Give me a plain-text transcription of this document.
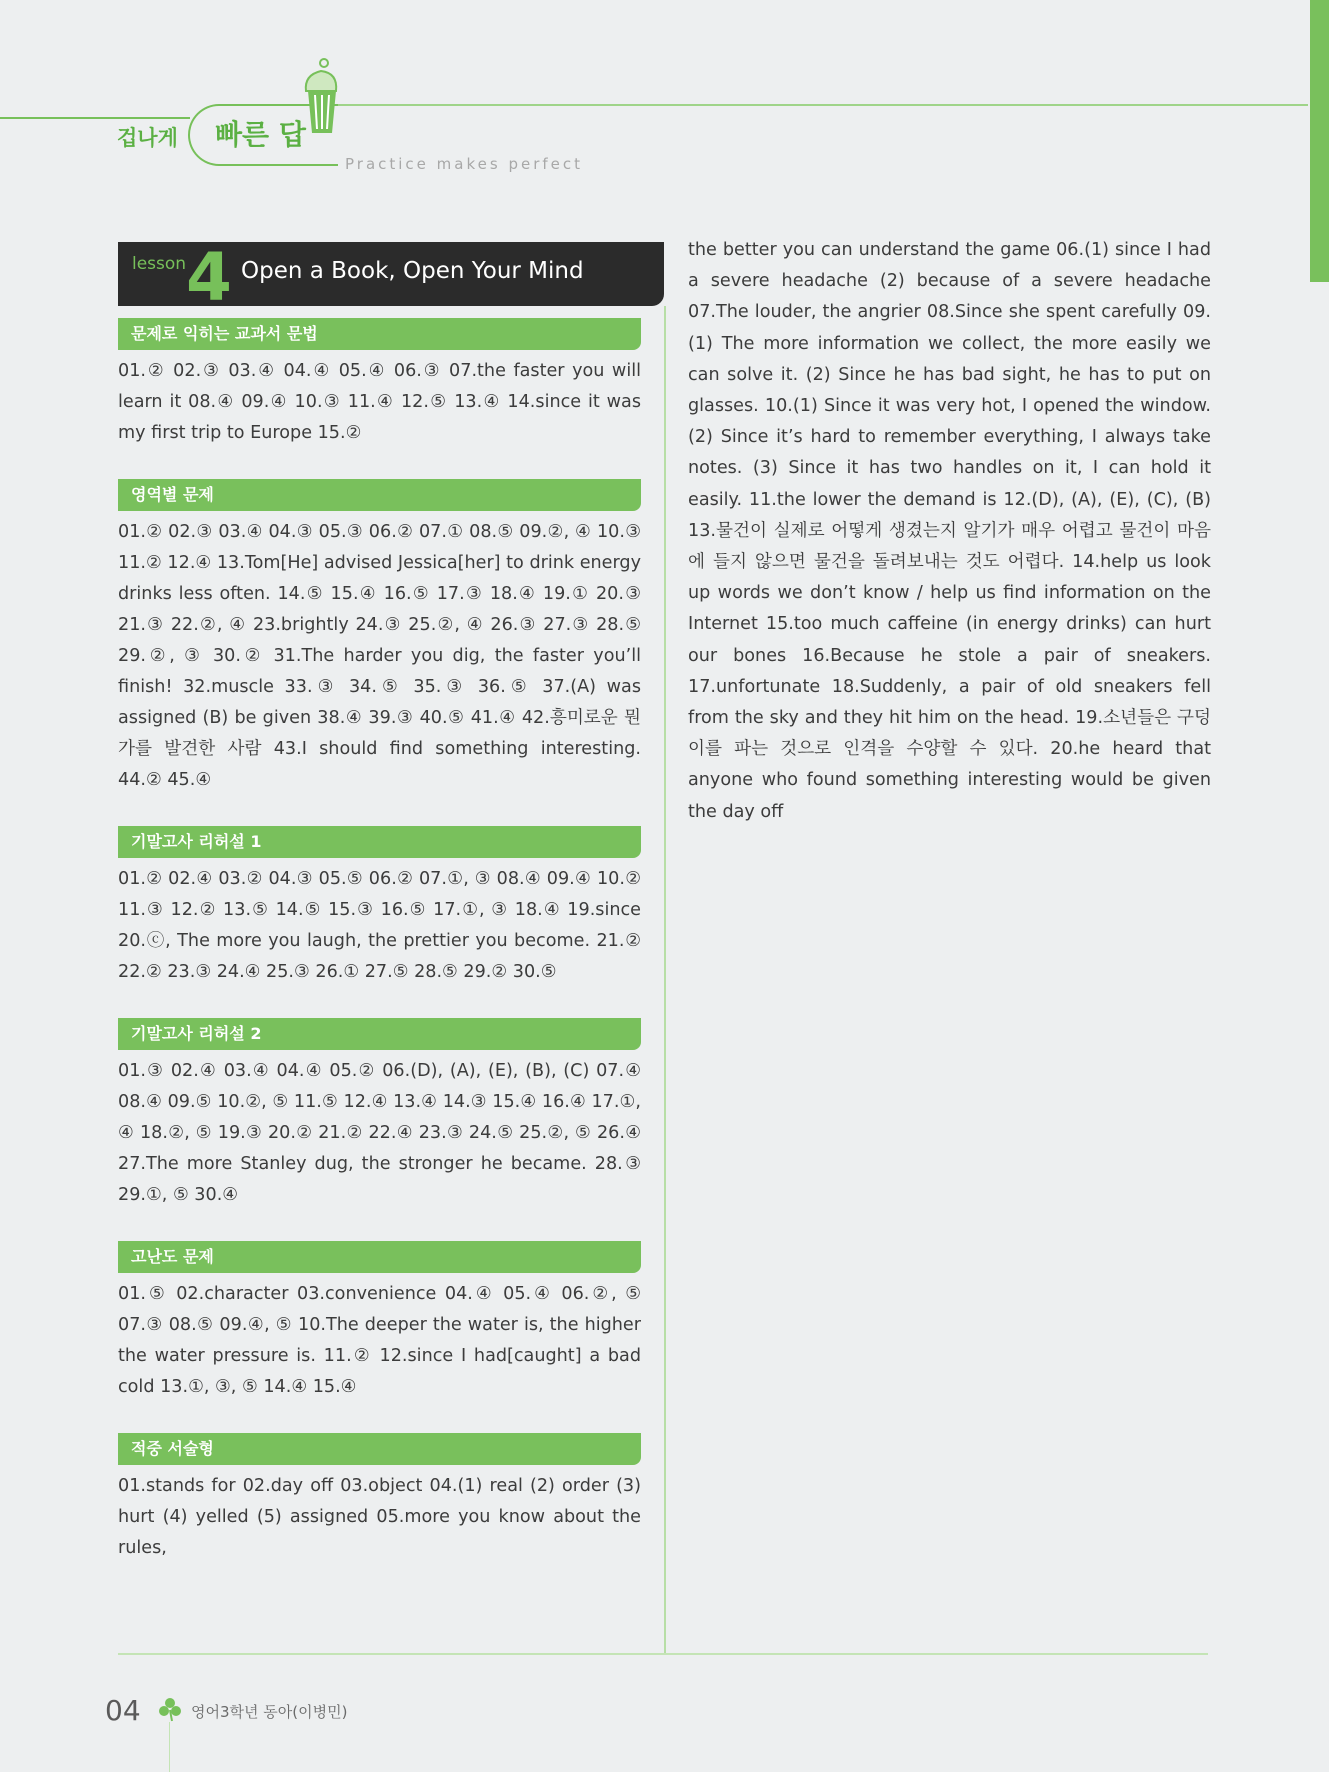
겁나게 빠른 답
Practice makes perfect
lesson 4 Open a Book, Open Your Mind
문제로 익히는 교과서 문법

01.② 02.③ 03.④ 04.④ 05.④ 06.③ 07.the faster you will learn it 08.④ 09.④ 10.③ 11.④ 12.⑤ 13.④ 14.since it was my first trip to Europe 15.②

영역별 문제

01.② 02.③ 03.④ 04.③ 05.③ 06.② 07.① 08.⑤ 09.②, ④ 10.③ 11.② 12.④ 13.Tom[He] advised Jessica[her] to drink energy drinks less often. 14.⑤ 15.④ 16.⑤ 17.③ 18.④ 19.① 20.③ 21.③ 22.②, ④ 23.brightly 24.③ 25.②, ④ 26.③ 27.③ 28.⑤ 29.②, ③ 30.② 31.The harder you dig, the faster you’ll finish! 32.muscle 33.③ 34.⑤ 35.③ 36.⑤ 37.(A) was assigned (B) be given 38.④ 39.③ 40.⑤ 41.④ 42.흥미로운 뭔가를 발견한 사람 43.I should find something interesting. 44.② 45.④

기말고사 리허설 1

01.② 02.④ 03.② 04.③ 05.⑤ 06.② 07.①, ③ 08.④ 09.④ 10.② 11.③ 12.② 13.⑤ 14.⑤ 15.③ 16.⑤ 17.①, ③ 18.④ 19.since 20.ⓒ, The more you laugh, the prettier you become. 21.② 22.② 23.③ 24.④ 25.③ 26.① 27.⑤ 28.⑤ 29.② 30.⑤

기말고사 리허설 2

01.③ 02.④ 03.④ 04.④ 05.② 06.(D), (A), (E), (B), (C) 07.④ 08.④ 09.⑤ 10.②, ⑤ 11.⑤ 12.④ 13.④ 14.③ 15.④ 16.④ 17.①, ④ 18.②, ⑤ 19.③ 20.② 21.② 22.④ 23.③ 24.⑤ 25.②, ⑤ 26.④ 27.The more Stanley dug, the stronger he became. 28.③ 29.①, ⑤ 30.④

고난도 문제

01.⑤ 02.character 03.convenience 04.④ 05.④ 06.②, ⑤ 07.③ 08.⑤ 09.④, ⑤ 10.The deeper the water is, the higher the water pressure is. 11.② 12.since I had[caught] a bad cold 13.①, ③, ⑤ 14.④ 15.④

적중 서술형

01.stands for 02.day off 03.object 04.(1) real (2) order (3) hurt (4) yelled (5) assigned 05.more you know about the rules,

the better you can understand the game 06.(1) since I had a severe headache (2) because of a severe headache 07.The louder, the angrier 08.Since she spent carefully 09.(1) The more information we collect, the more easily we can solve it. (2) Since he has bad sight, he has to put on glasses. 10.(1) Since it was very hot, I opened the window. (2) Since it’s hard to remember everything, I always take notes. (3) Since it has two handles on it, I can hold it easily. 11.the lower the demand is 12.(D), (A), (E), (C), (B) 13.물건이 실제로 어떻게 생겼는지 알기가 매우 어렵고 물건이 마음에 들지 않으면 물건을 돌려보내는 것도 어렵다. 14.help us look up words we don’t know / help us find information on the Internet 15.too much caffeine (in energy drinks) can hurt our bones 16.Because he stole a pair of sneakers. 17.unfortunate 18.Suddenly, a pair of old sneakers fell from the sky and they hit him on the head. 19.소년들은 구덩이를 파는 것으로 인격을 수양할 수 있다. 20.he heard that anyone who found something interesting would be given the day off

04	영어3학년 동아(이병민)
